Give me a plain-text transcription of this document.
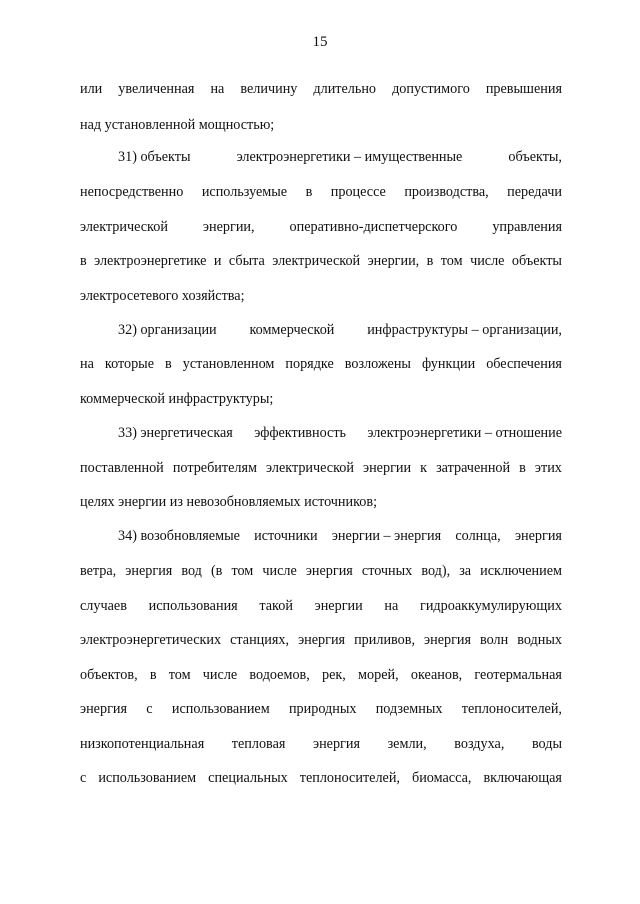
15
или увеличенная на величину длительно допустимого превышения
над установленной мощностью;
31) объекты	электроэнергетики – имущественные	объекты,
непосредственно используемые в процессе производства, передачи
электрической энергии, оперативно-диспетчерского управления
в электроэнергетике и сбыта электрической энергии, в том числе объекты
электросетевого хозяйства;
32) организации коммерческой инфраструктуры – организации,
на которые в установленном порядке возложены функции обеспечения
коммерческой инфраструктуры;
33) энергетическая эффективность электроэнергетики – отношение
поставленной потребителям электрической энергии к затраченной в этих
целях энергии из невозобновляемых источников;
34) возобновляемые источники энергии – энергия солнца, энергия
ветра, энергия вод (в том числе энергия сточных вод), за исключением
случаев использования такой энергии на гидроаккумулирующих
электроэнергетических станциях, энергия приливов, энергия волн водных
объектов, в том числе водоемов, рек, морей, океанов, геотермальная
энергия с использованием природных подземных теплоносителей,
низкопотенциальная тепловая энергия земли, воздуха, воды
с использованием специальных теплоносителей, биомасса, включающая
